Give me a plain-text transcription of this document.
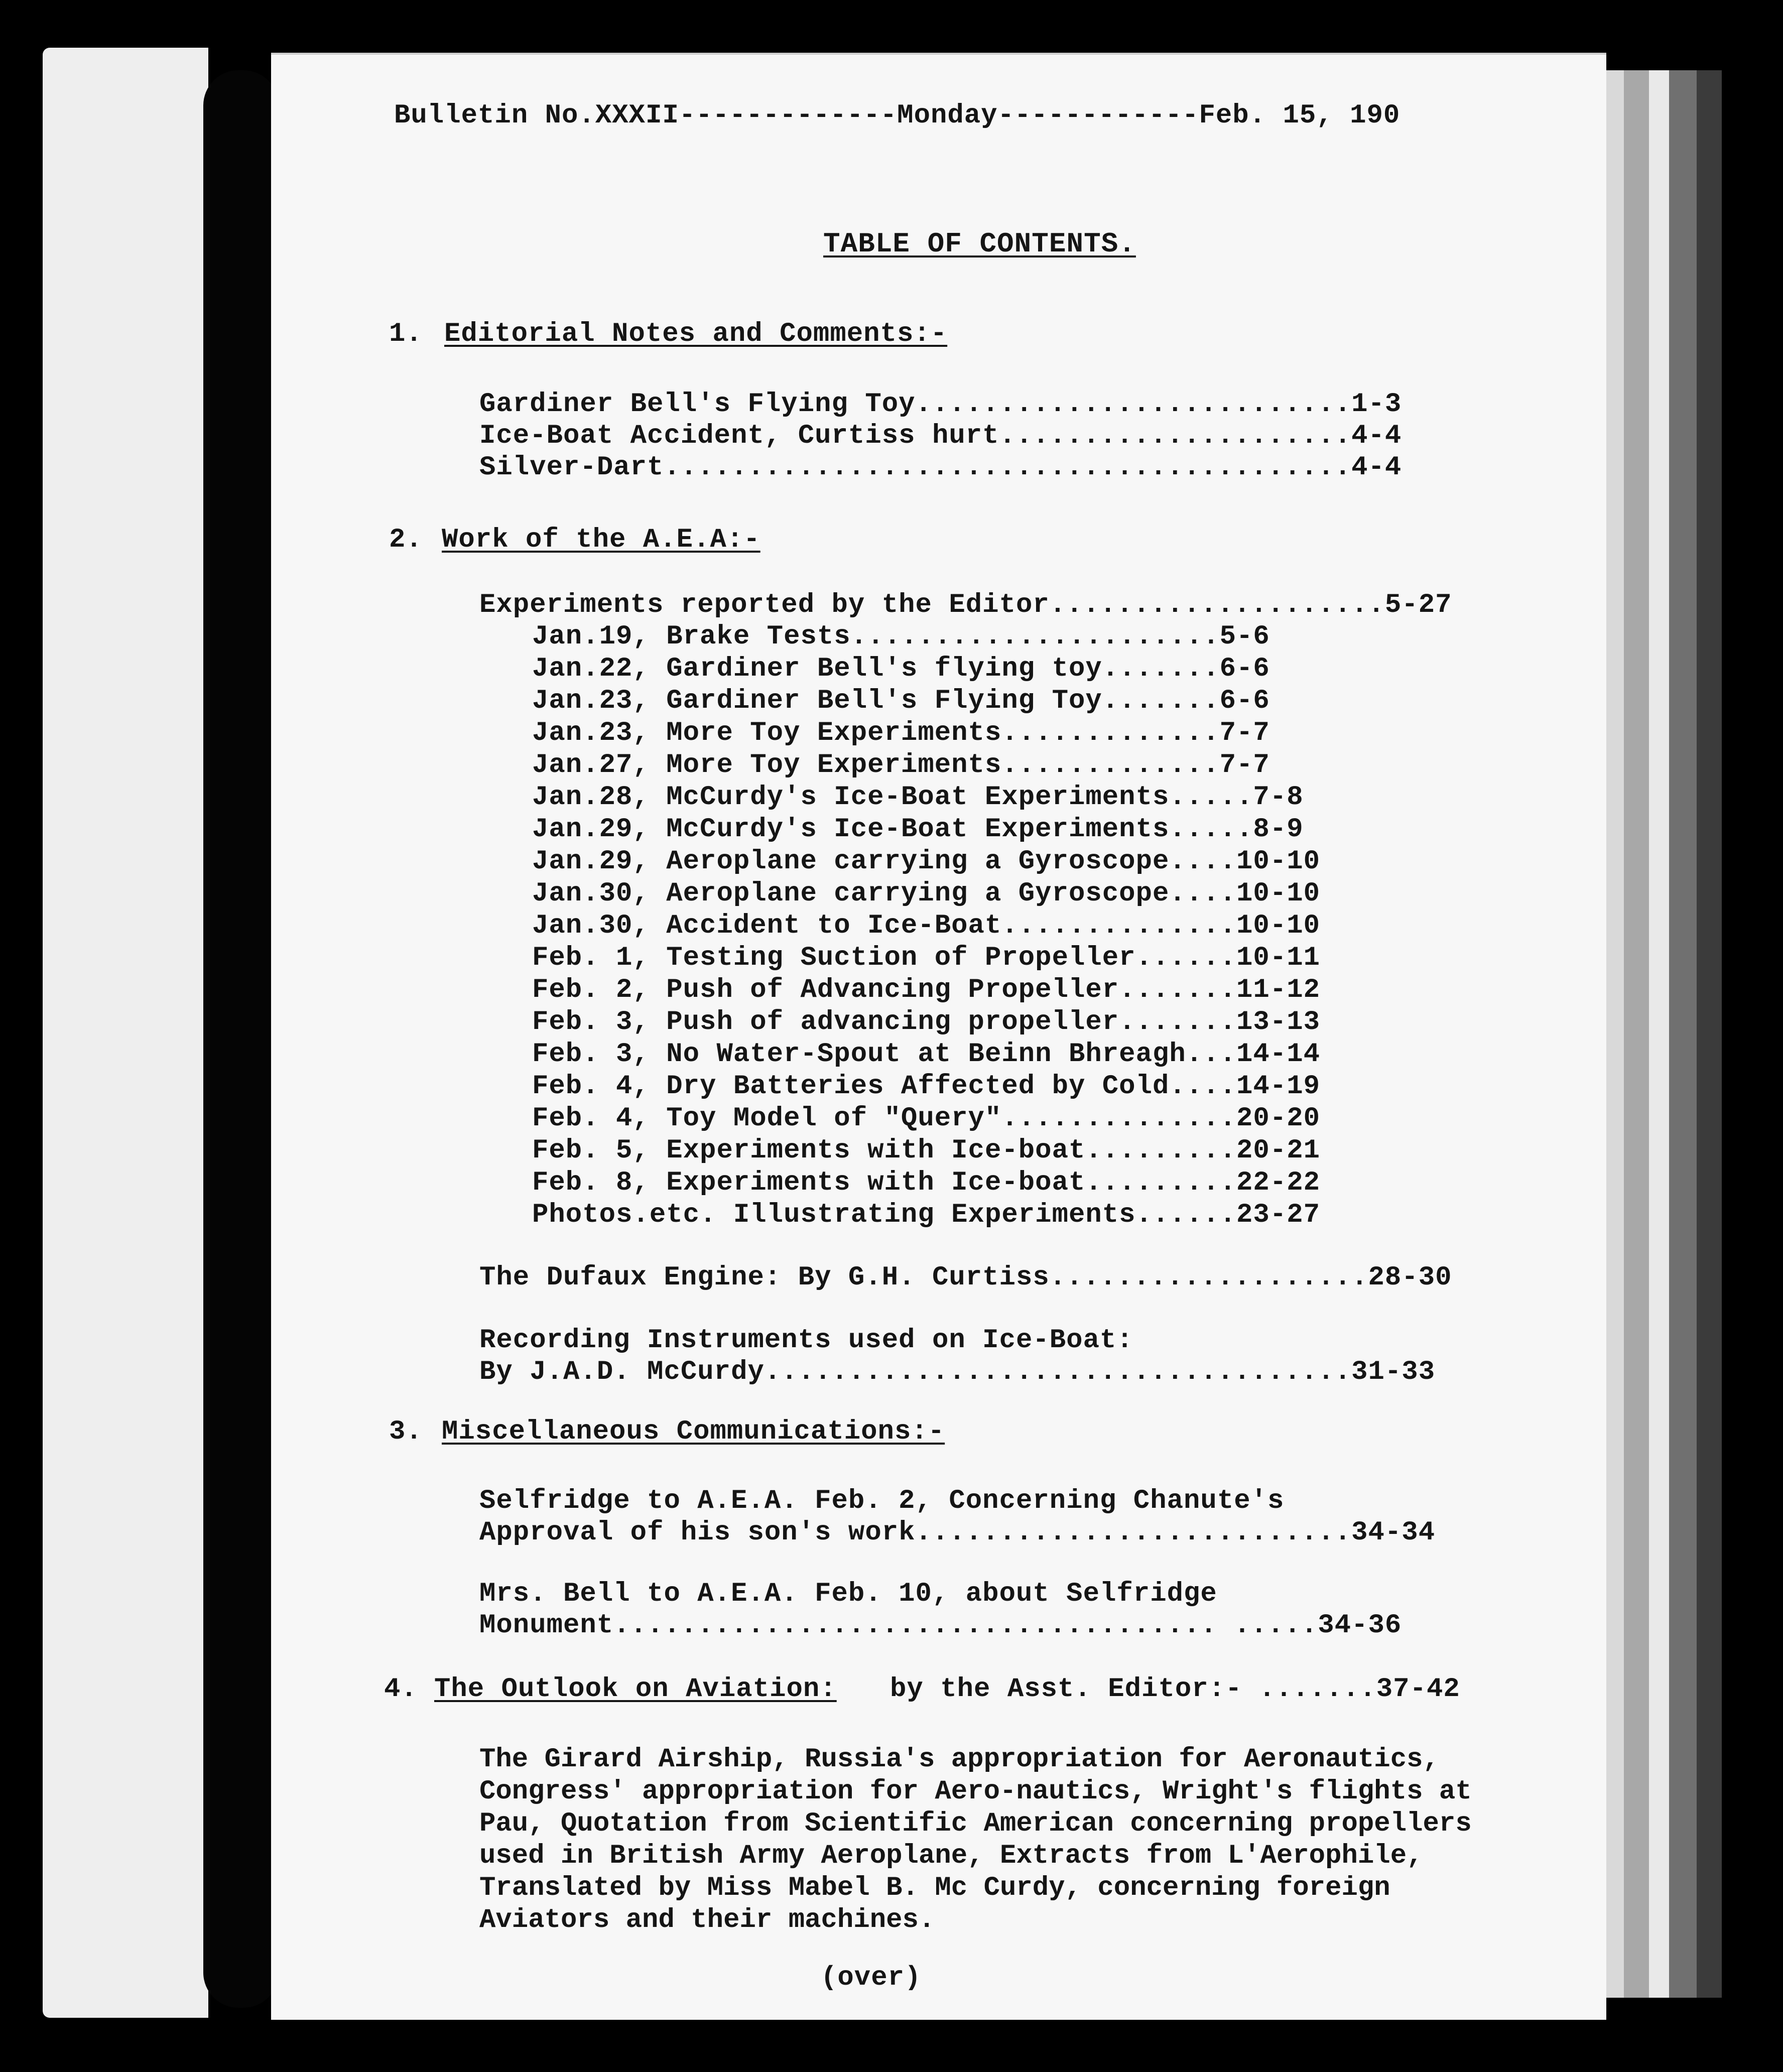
Bulletin No.XXXII-------------Monday------------Feb. 15, 190

TABLE OF CONTENTS.

1. Editorial Notes and Comments:-

Gardiner Bell's Flying Toy..........................1-3

Ice-Boat Accident, Curtiss hurt.....................4-4

Silver-Dart.........................................4-4

2. Work of the A.E.A:-

Experiments reported by the Editor....................5-27

Jan.19, Brake Tests......................5-6

Jan.22, Gardiner Bell's flying toy.......6-6

Jan.23, Gardiner Bell's Flying Toy.......6-6

Jan.23, More Toy Experiments.............7-7

Jan.27, More Toy Experiments.............7-7

Jan.28, McCurdy's Ice-Boat Experiments.....7-8

Jan.29, McCurdy's Ice-Boat Experiments.....8-9

Jan.29, Aeroplane carrying a Gyroscope....10-10

Jan.30, Aeroplane carrying a Gyroscope....10-10

Jan.30, Accident to Ice-Boat..............10-10

Feb. 1, Testing Suction of Propeller......10-11

Feb. 2, Push of Advancing Propeller.......11-12

Feb. 3, Push of advancing propeller.......13-13

Feb. 3, No Water-Spout at Beinn Bhreagh...14-14

Feb. 4, Dry Batteries Affected by Cold....14-19

Feb. 4, Toy Model of "Query"..............20-20

Feb. 5, Experiments with Ice-boat.........20-21

Feb. 8, Experiments with Ice-boat.........22-22

Photos.etc. Illustrating Experiments......23-27

The Dufaux Engine: By G.H. Curtiss...................28-30

Recording Instruments used on Ice-Boat:

By J.A.D. McCurdy...................................31-33

3. Miscellaneous Communications:-

Selfridge to A.E.A. Feb. 2, Concerning Chanute's

Approval of his son's work..........................34-34

Mrs. Bell to A.E.A. Feb. 10, about Selfridge

Monument.................................... .....34-36

4. The Outlook on Aviation: by the Asst. Editor:- .......37-42

The Girard Airship, Russia's appropriation for Aeronautics, Congress' appropriation for Aero-nautics, Wright's flights at Pau, Quotation from Scientific American concerning propellers used in British Army Aeroplane, Extracts from L'Aerophile, Translated by Miss Mabel B. Mc Curdy, concerning foreign Aviators and their machines.

(over)
